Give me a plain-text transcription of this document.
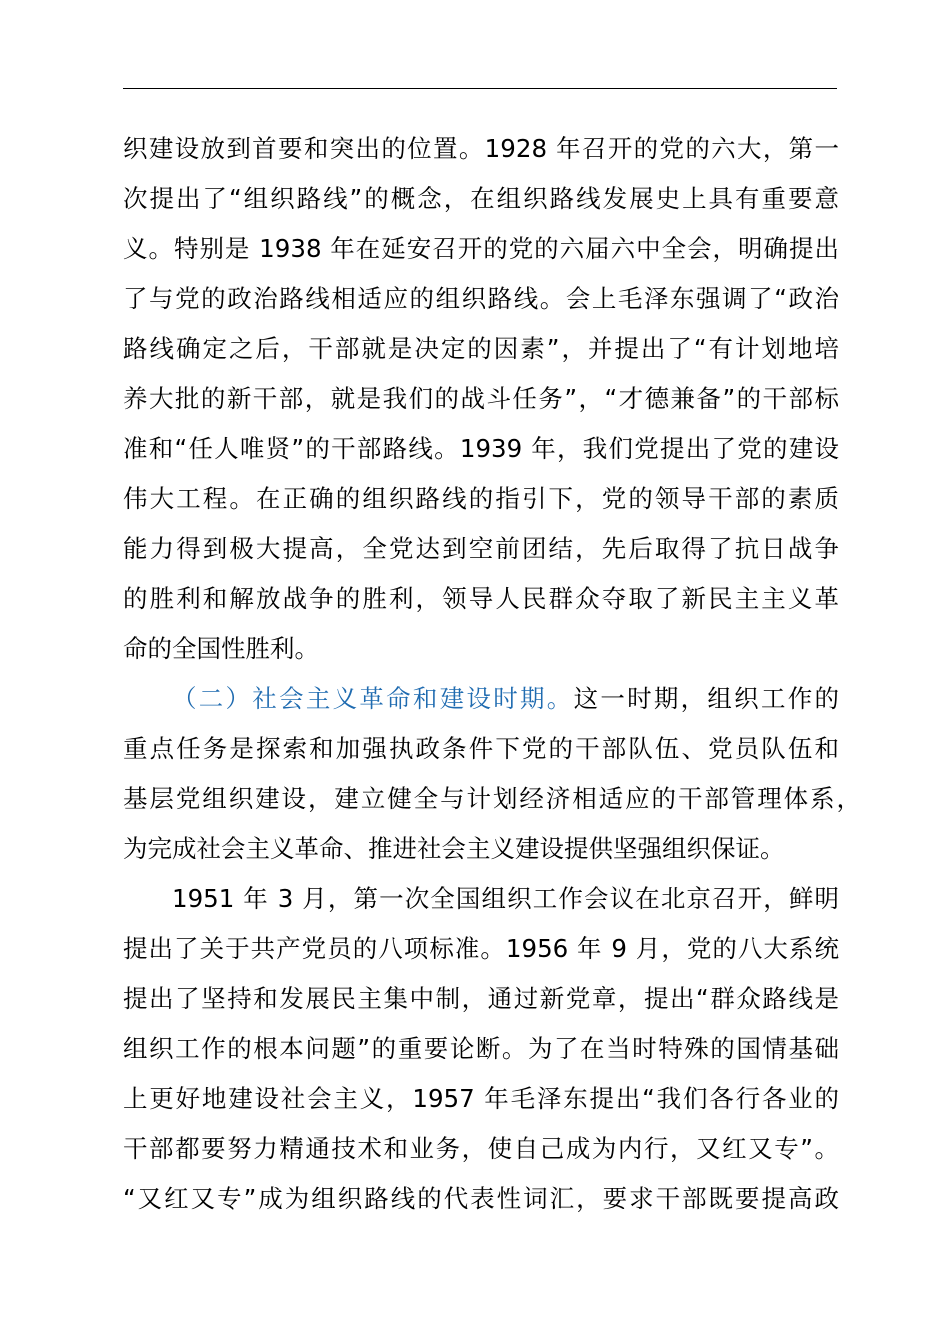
织建设放到首要和突出的位置。1928 年召开的党的六大，第一
次提出了“组织路线”的概念，在组织路线发展史上具有重要意
义。特别是 1938 年在延安召开的党的六届六中全会，明确提出
了与党的政治路线相适应的组织路线。会上毛泽东强调了“政治
路线确定之后，干部就是决定的因素”，并提出了“有计划地培
养大批的新干部，就是我们的战斗任务”，“才德兼备”的干部标
准和“任人唯贤”的干部路线。1939 年，我们党提出了党的建设
伟大工程。在正确的组织路线的指引下，党的领导干部的素质
能力得到极大提高，全党达到空前团结，先后取得了抗日战争
的胜利和解放战争的胜利，领导人民群众夺取了新民主主义革
命的全国性胜利。
（二）社会主义革命和建设时期。这一时期，组织工作的
重点任务是探索和加强执政条件下党的干部队伍、党员队伍和
基层党组织建设，建立健全与计划经济相适应的干部管理体系，
为完成社会主义革命、推进社会主义建设提供坚强组织保证。
1951 年 3 月，第一次全国组织工作会议在北京召开，鲜明
提出了关于共产党员的八项标准。1956 年 9 月，党的八大系统
提出了坚持和发展民主集中制，通过新党章，提出“群众路线是
组织工作的根本问题”的重要论断。为了在当时特殊的国情基础
上更好地建设社会主义，1957 年毛泽东提出“我们各行各业的
干部都要努力精通技术和业务，使自己成为内行，又红又专”。
“又红又专”成为组织路线的代表性词汇，要求干部既要提高政
